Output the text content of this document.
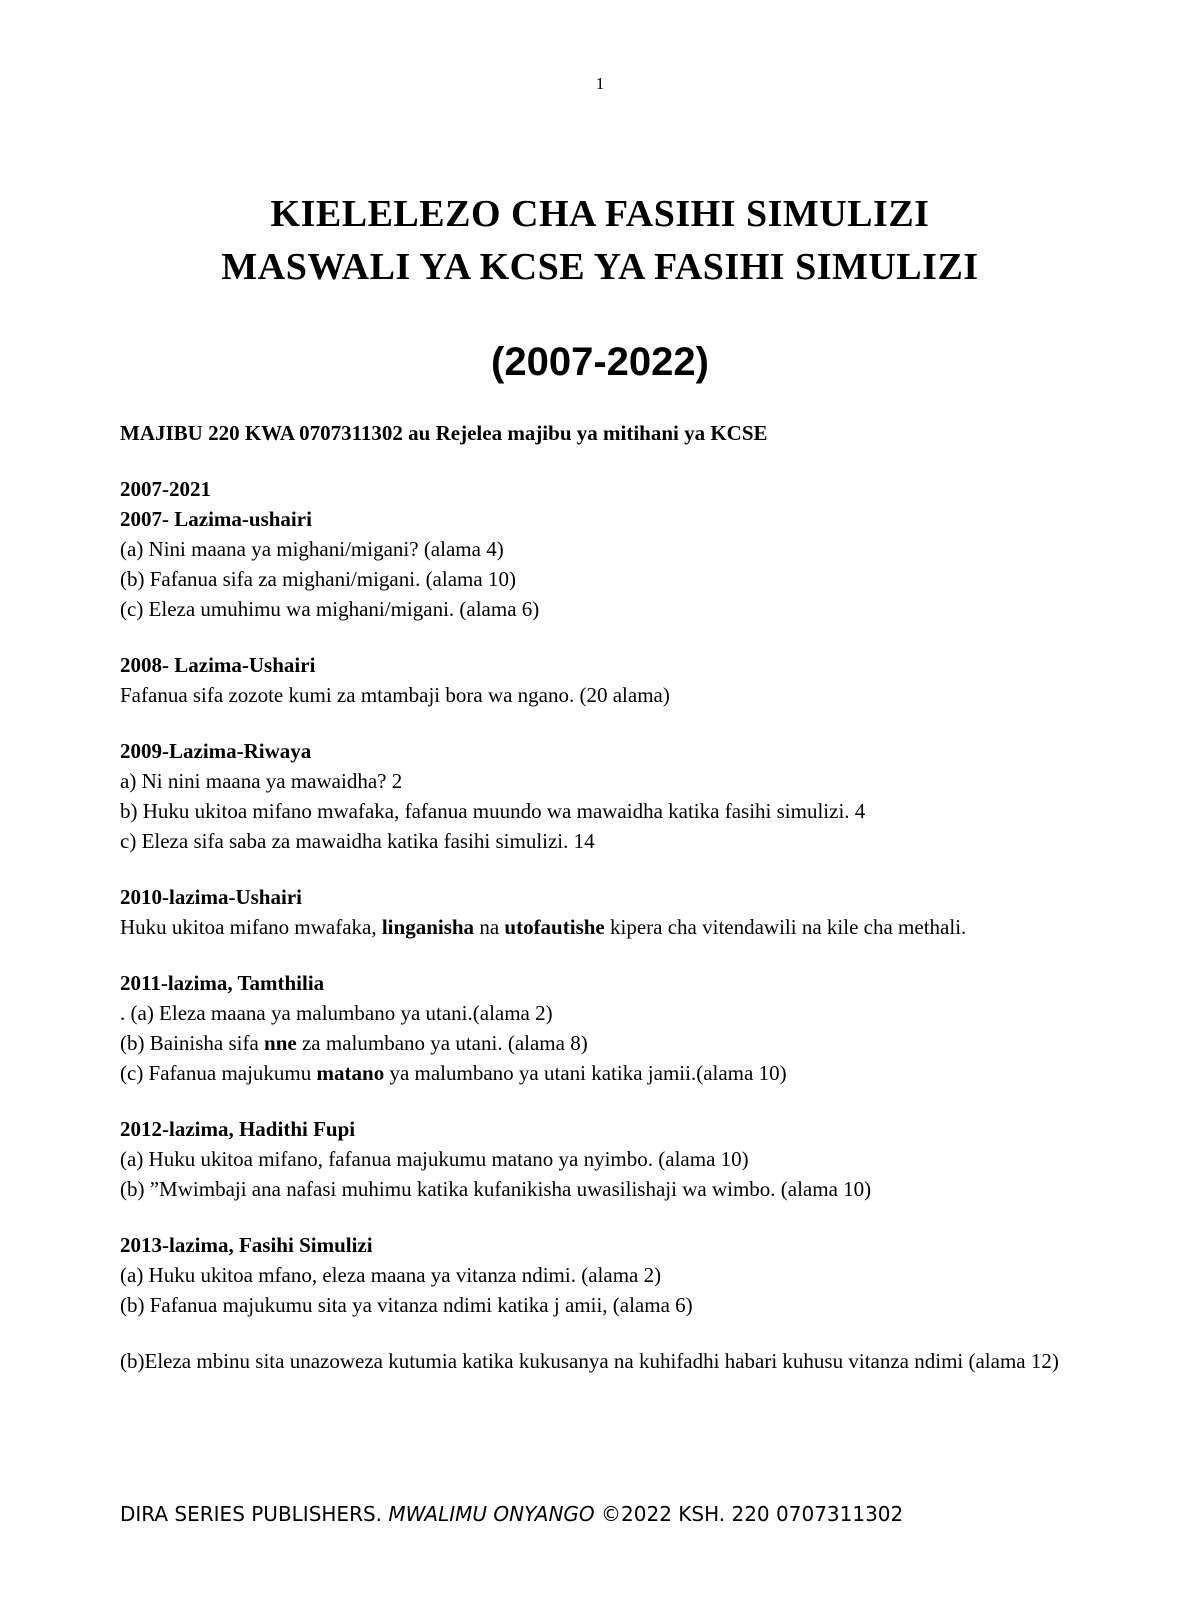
1
KIELELEZO CHA FASIHI SIMULIZI
MASWALI YA KCSE YA FASIHI SIMULIZI
(2007-2022)

MAJIBU 220 KWA 0707311302 au Rejelea majibu ya mitihani ya KCSE

2007-2021

2007- Lazima-ushairi

(a) Nini maana ya mighani/migani? (alama 4)

(b) Fafanua sifa za mighani/migani. (alama 10)

(c) Eleza umuhimu wa mighani/migani. (alama 6)

2008- Lazima-Ushairi

Fafanua sifa zozote kumi za mtambaji bora wa ngano. (20 alama)

2009-Lazima-Riwaya

a) Ni nini maana ya mawaidha? 2

b) Huku ukitoa mifano mwafaka, fafanua muundo wa mawaidha katika fasihi simulizi. 4

c) Eleza sifa saba za mawaidha katika fasihi simulizi. 14

2010-lazima-Ushairi

Huku ukitoa mifano mwafaka, linganisha na utofautishe kipera cha vitendawili na kile cha methali.

2011-lazima, Tamthilia

. (a) Eleza maana ya malumbano ya utani.(alama 2)

(b) Bainisha sifa nne za malumbano ya utani. (alama 8)

(c) Fafanua majukumu matano ya malumbano ya utani katika jamii.(alama 10)

2012-lazima, Hadithi Fupi

(a) Huku ukitoa mifano, fafanua majukumu matano ya nyimbo. (alama 10)

(b) ”Mwimbaji ana nafasi muhimu katika kufanikisha uwasilishaji wa wimbo. (alama 10)

2013-lazima, Fasihi Simulizi

(a) Huku ukitoa mfano, eleza maana ya vitanza ndimi. (alama 2)

(b) Fafanua majukumu sita ya vitanza ndimi katika j amii, (alama 6)

(b)Eleza mbinu sita unazoweza kutumia katika kukusanya na kuhifadhi habari kuhusu vitanza ndimi (alama 12)

DIRA SERIES PUBLISHERS. MWALIMU ONYANGO ©2022 KSH. 220 0707311302
